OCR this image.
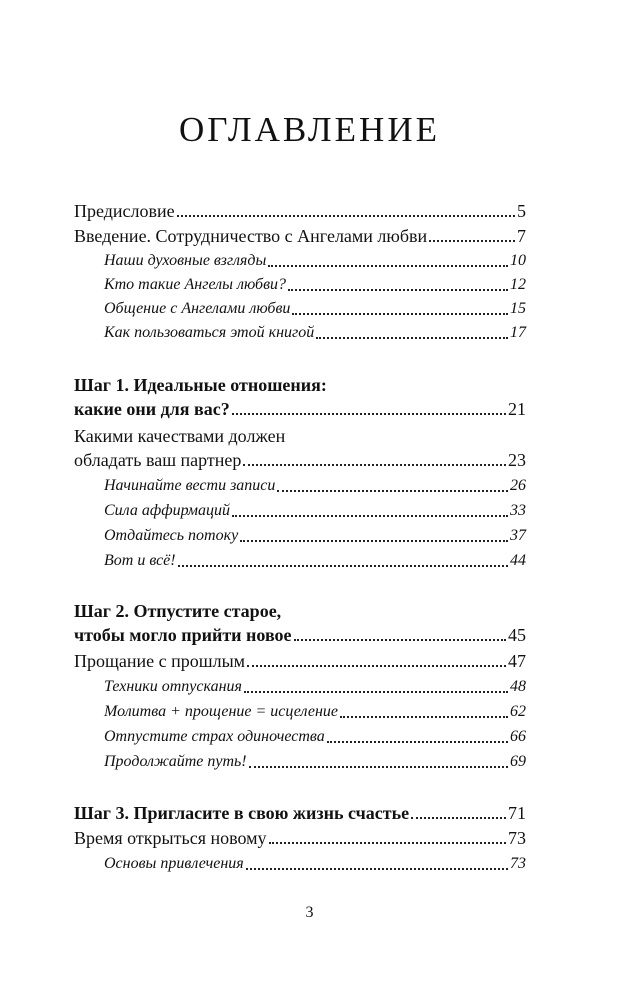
ОГЛАВЛЕНИЕ
Предисловие	5
Введение. Сотрудничество с Ангелами любви	7
Наши духовные взгляды	10
Кто такие Ангелы любви?	12
Общение с Ангелами любви	15
Как пользоваться этой книгой	17
Шаг 1. Идеальные отношения:
какие они для вас?	21
Какими качествами должен
обладать ваш партнер	23
Начинайте вести записи	26
Сила аффирмаций	33
Отдайтесь потоку	37
Вот и всё!	44
Шаг 2. Отпустите старое,
чтобы могло прийти новое	45
Прощание с прошлым	47
Техники отпускания	48
Молитва + прощение = исцеление	62
Отпустите страх одиночества	66
Продолжайте путь!	69
Шаг 3. Пригласите в свою жизнь счастье	71
Время открыться новому	73
Основы привлечения	73
3
